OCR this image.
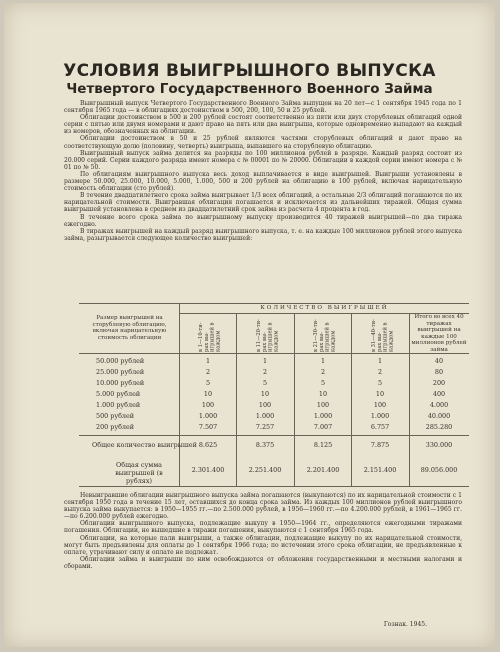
УСЛОВИЯ ВЫИГРЫШНОГО ВЫПУСКА
Четвертого Государственного Военного Займа

Выигрышный выпуск Четвертого Государственного Военного Займа выпущен на 20 лет—с 1 сентября 1945 года по 1 сентября 1965 года — в облигациях достоинством в 500, 200, 100, 50 и 25 рублей.

Облигации достоинством в 500 и 200 рублей состоят соответственно из пяти или двух сторублевых облигаций одной серии с пятью или двумя номерами и дают право на пять или два выигрыша, которые одновременно выпадают на каждый из номеров, обозначенных на облигации.

Облигации достоинством в 50 и 25 рублей являются частями сторублевых облигаций и дают право на соответствующую долю (половину, четверть) выигрыша, выпавшего на стоpублевую облигацию.

Выигрышный выпуск займа делится на разряды по 100 миллионов рублей в разряде. Каждый разряд состоит из 20.000 серий. Серии каждого разряда имеют номера с № 00001 по № 20000. Облигации в каждой серии имеют номера с № 01 по № 50.

По облигациям выигрышного выпуска весь доход выплачивается в виде выигрышей. Выигрыши установлены в размере 50.000, 25.000, 10.000, 5.000, 1.000, 500 и 200 рублей на облигацию в 100 рублей, включая нарицательную стоимость облигации (сто рублей).

В течение двадцатилетнего срока займа выигрывает 1/3 всех облигаций, а остальные 2/3 облигаций погашаются по их нарицательной стоимости. Выигравшая облигация погашается и исключается из дальнейших тиражей. Общая сумма выигрышей установлена в среднем из двадцатилетний срок займа из расчета 4 процента в год.

В течение всего срока займа по выигрышному выпуску производится 40 тиражей выигрышей—по два тиража ежегодно.

В тиражах выигрышей на каждый разряд выигрышного выпуска, т. е. на каждые 100 миллионов рублей этого выпуска займа, разыгрывается следующее количество выигрышей:

Размер выигрышей на стоpублевую облигацию, включая нарицательную стоимость облигации
КОЛИЧЕСТВО ВЫИГРЫШЕЙ
в 1—10-ти-рах вы-игрышей в каждом	в 11—20-ти-рах вы-игрышей в каждом	в 21—30-ти-рах вы-игрышей в каждом	в 31—40-ти-рах вы-игрышей в каждом
Итого во всех 40 тиражах выигрышей на каждые 100 миллионов рублей займа
50.000 рублей	1	1	1	1	40
25.000 рублей	2	2	2	2	80
10.000 рублей	5	5	5	5	200
5.000 рублей	10	10	10	10	400
1.000 рублей	100	100	100	100	4.000
500 рублей	1.000	1.000	1.000	1.000	40.000
200 рублей	7.507	7.257	7.007	6.757	285.280
Общее количество выигрышей 8.625	8.375	8.125	7.875	330.000
Общая сумма выигрышей (в рублях)
2.301.400	2.251.400	2.201.400	2.151.400	89.056.000

Невыигравшие облигации выигрышного выпуска займа погашаются (выкупаются) по их нарицательной стоимости с 1 сентября 1950 года в течение 15 лет, оставшихся до конца срока займа. Из каждых 100 миллионов рублей выигрышного выпуска займа выкупается: в 1950—1955 гг.—по 2.500.000 рублей, в 1956—1960 гг.—по 4.200.000 рублей, в 1961—1965 гг.—по 6.200.000 рублей ежегодно.

Облигации выигрышного выпуска, подлежащие выкупу в 1950—1964 гг., определяются ежегодными тиражами погашения. Облигации, не вышедшие в тиражи погашения, выкупаются с 1 сентября 1965 года.

Облигации, на которые пали выигрыши, а также облигации, подлежащие выкупу по их нарицательной стоимости, могут быть предъявлены для оплаты до 1 сентября 1966 года; по истечении этого срока облигации, не предъявленные к оплате, утрачивают силу и оплате не подлежат.

Облигации займа и выигрыши по ним освобождаются от обложения государственными и местными налогами и сборами.

Гознак. 1945.
